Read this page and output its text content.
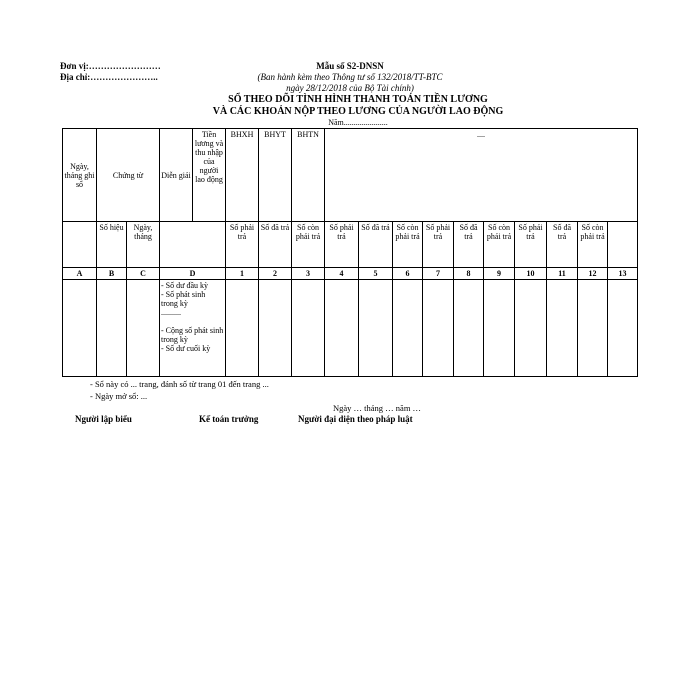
Đơn vị:……………………
Địa chỉ:…………………..
Mẫu số S2-DNSN
(Ban hành kèm theo Thông tư số 132/2018/TT-BTC
ngày 28/12/2018 của Bộ Tài chính)
SỔ THEO DÕI TÌNH HÌNH THANH TOÁN TIỀN LƯƠNG
VÀ CÁC KHOẢN NỘP THEO LƯƠNG CỦA NGƯỜI LAO ĐỘNG
Năm......................
Ngày, tháng ghi sổ	Chứng từ		Diễn giải	Tiền lương và thu nhập của người lao động	BHXH	BHYT	BHTN	....									
	Số hiệu	Ngày, tháng			Số phải trả	Số đã trả	Số còn phải trả	Số phải trả	Số đã trả	Số còn phải trả	Số phải trả	Số đã trả	Số còn phải trả	Số phải trả	Số đã trả	Số còn phải trả	
A	B	C	D		1	2	3	4	5	6	7	8	9	10	11	12	13

			- Số dư đầu kỳ
- Số phát sinh trong kỳ
..........
- Cộng số phát sinh trong kỳ
- Số dư cuối kỳ														

- Sổ này có ... trang, đánh số từ trang 01 đến trang ...
- Ngày mở sổ: ...
Ngày … tháng … năm …
Người lập biểu	Kế toán trưởng	Người đại diện theo pháp luật
